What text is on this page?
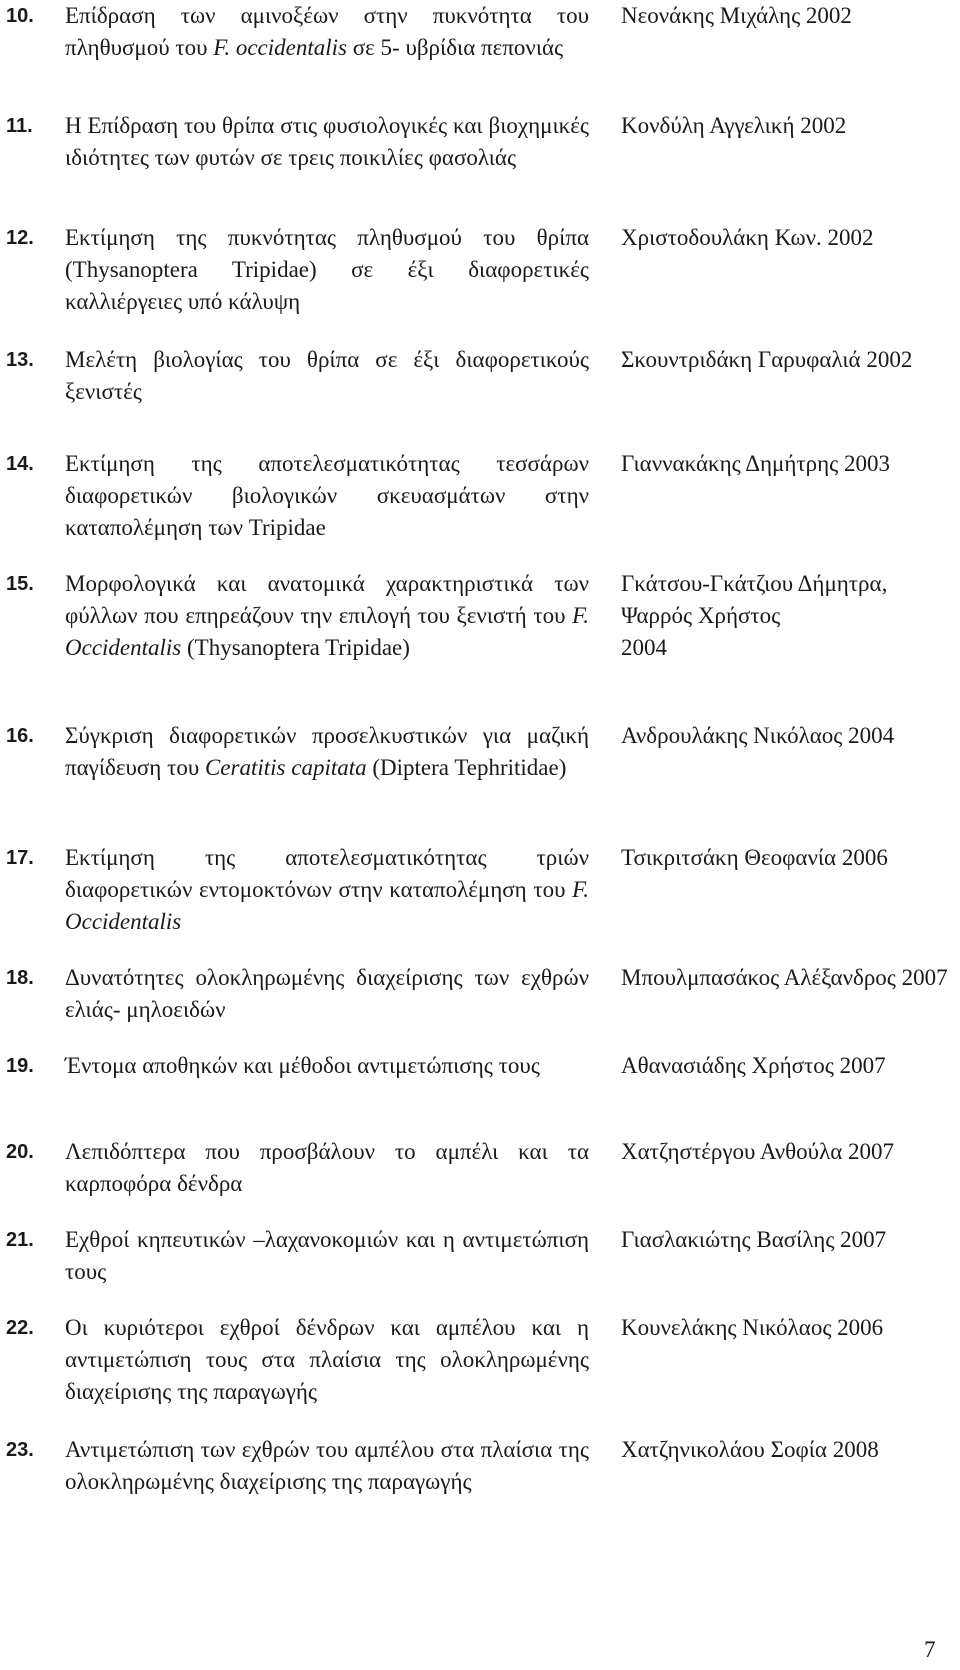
10. Επίδραση των αμινοξέων στην πυκνότητα του πληθυσμού του F. occidentalis σε 5- υβρίδια πεπονιάς
Νεονάκης Μιχάλης 2002
11. Η Επίδραση του θρίπα στις φυσιολογικές και βιοχημικές ιδιότητες των φυτών σε τρεις ποικιλίες φασολιάς
Κονδύλη Αγγελική 2002
12. Εκτίμηση της πυκνότητας πληθυσμού του θρίπα (Thysanoptera Tripidae) σε έξι διαφορετικές καλλιέργειες υπό κάλυψη
Χριστοδουλάκη Κων. 2002
13. Μελέτη βιολογίας του θρίπα σε έξι διαφορετικούς ξενιστές
Σκουντριδάκη Γαρυφαλιά 2002
14. Εκτίμηση της αποτελεσματικότητας τεσσάρων διαφορετικών βιολογικών σκευασμάτων στην καταπολέμηση των Tripidae
Γιαννακάκης Δημήτρης 2003
15. Μορφολογικά και ανατομικά χαρακτηριστικά των φύλλων που επηρεάζουν την επιλογή του ξενιστή του F. Occidentalis (Thysanoptera Tripidae)
Γκάτσου-Γκάτζιου Δήμητρα,
Ψαρρός Χρήστος
2004
16. Σύγκριση διαφορετικών προσελκυστικών για μαζική παγίδευση του Ceratitis capitata (Diptera Tephritidae)
Ανδρουλάκης Νικόλαος 2004
17. Εκτίμηση της αποτελεσματικότητας τριών διαφορετικών εντομοκτόνων στην καταπολέμηση του F. Occidentalis
Τσικριτσάκη Θεοφανία 2006
18. Δυνατότητες ολοκληρωμένης διαχείρισης των εχθρών ελιάς- μηλοειδών
Μπουλμπασάκος Αλέξανδρος 2007
19. Έντομα αποθηκών και μέθοδοι αντιμετώπισης τους	Αθανασιάδης Χρήστος 2007
20. Λεπιδόπτερα που προσβάλουν το αμπέλι και τα καρποφόρα δένδρα
Χατζηστέργου Ανθούλα 2007
21. Εχθροί κηπευτικών –λαχανοκομιών και η αντιμετώπιση τους
Γιασλακιώτης Βασίλης 2007
22. Οι κυριότεροι εχθροί δένδρων και αμπέλου και η αντιμετώπιση τους στα πλαίσια της ολοκληρωμένης διαχείρισης της παραγωγής
Κουνελάκης Νικόλαος 2006
23. Αντιμετώπιση των εχθρών του αμπέλου στα πλαίσια της ολοκληρωμένης διαχείρισης της παραγωγής
Χατζηνικολάου Σοφία 2008
7
